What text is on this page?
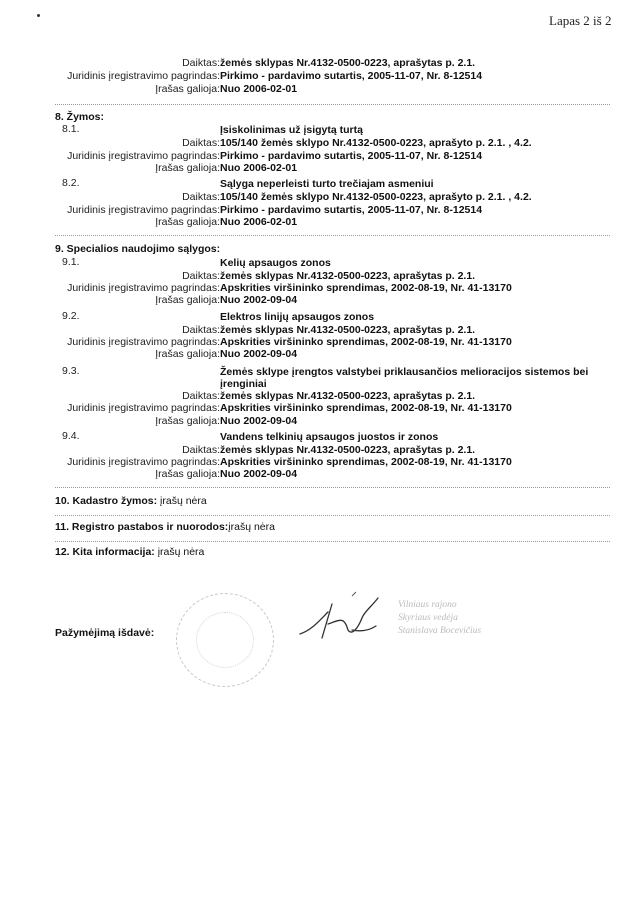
Lapas 2 iš 2
Daiktas: žemės sklypas Nr.4132-0500-0223, aprašytas p. 2.1.
Juridinis įregistravimo pagrindas: Pirkimo - pardavimo sutartis, 2005-11-07, Nr. 8-12514
Įrašas galioja: Nuo 2006-02-01
8. Žymos:
8.1.	Įsiskolinimas už įsigytą turtą
Daiktas: 105/140 žemės sklypo Nr.4132-0500-0223, aprašyto p. 2.1. , 4.2.
Juridinis įregistravimo pagrindas: Pirkimo - pardavimo sutartis, 2005-11-07, Nr. 8-12514
Įrašas galioja: Nuo 2006-02-01
8.2.	Sąlyga neperleisti turto trečiajam asmeniui
Daiktas: 105/140 žemės sklypo Nr.4132-0500-0223, aprašyto p. 2.1. , 4.2.
Juridinis įregistravimo pagrindas: Pirkimo - pardavimo sutartis, 2005-11-07, Nr. 8-12514
Įrašas galioja: Nuo 2006-02-01
9. Specialios naudojimo sąlygos:
9.1.	Kelių apsaugos zonos
Daiktas: žemės sklypas Nr.4132-0500-0223, aprašytas p. 2.1.
Juridinis įregistravimo pagrindas: Apskrities viršininko sprendimas, 2002-08-19, Nr. 41-13170
Įrašas galioja: Nuo 2002-09-04
9.2.	Elektros linijų apsaugos zonos
Daiktas: žemės sklypas Nr.4132-0500-0223, aprašytas p. 2.1.
Juridinis įregistravimo pagrindas: Apskrities viršininko sprendimas, 2002-08-19, Nr. 41-13170
Įrašas galioja: Nuo 2002-09-04
9.3.	Žemės sklype įrengtos valstybei priklausančios melioracijos sistemos bei įrenginiai
Daiktas: žemės sklypas Nr.4132-0500-0223, aprašytas p. 2.1.
Juridinis įregistravimo pagrindas: Apskrities viršininko sprendimas, 2002-08-19, Nr. 41-13170
Įrašas galioja: Nuo 2002-09-04
9.4.	Vandens telkinių apsaugos juostos ir zonos
Daiktas: žemės sklypas Nr.4132-0500-0223, aprašytas p. 2.1.
Juridinis įregistravimo pagrindas: Apskrities viršininko sprendimas, 2002-08-19, Nr. 41-13170
Įrašas galioja: Nuo 2002-09-04
10. Kadastro žymos: įrašų nėra
11. Registro pastabos ir nuorodos:įrašų nėra
12. Kita informacija: įrašų nėra
Pažymėjimą išdavė:
Vilniaus rajono
Skyriaus vedėja
Stanislava Bocevičius
